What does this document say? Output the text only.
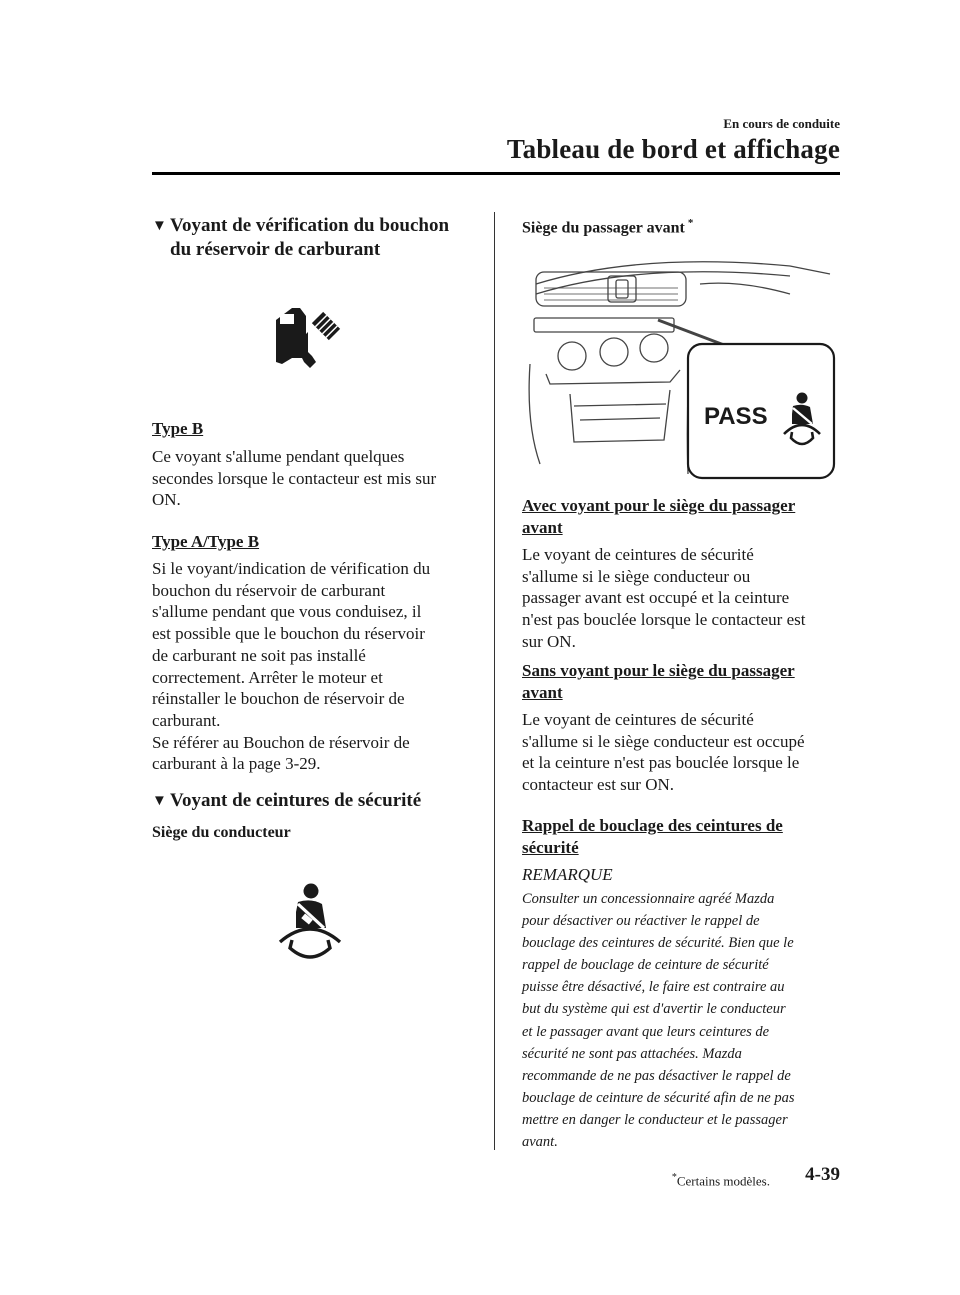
En cours de conduite
Tableau de bord et affichage
▼ Voyant de vérification du bouchon
du réservoir de carburant
Type B
Ce voyant s'allume pendant quelques
secondes lorsque le contacteur est mis sur
ON.
Type A/Type B
Si le voyant/indication de vérification du
bouchon du réservoir de carburant
s'allume pendant que vous conduisez, il
est possible que le bouchon du réservoir
de carburant ne soit pas installé
correctement. Arrêter le moteur et
réinstaller le bouchon de réservoir de
carburant.
Se référer au Bouchon de réservoir de
carburant à la page 3-29.
▼ Voyant de ceintures de sécurité
Siège du conducteur
Siège du passager avant *
PASS
Avec voyant pour le siège du passager
avant
Le voyant de ceintures de sécurité
s'allume si le siège conducteur ou
passager avant est occupé et la ceinture
n'est pas bouclée lorsque le contacteur est
sur ON.
Sans voyant pour le siège du passager
avant
Le voyant de ceintures de sécurité
s'allume si le siège conducteur est occupé
et la ceinture n'est pas bouclée lorsque le
contacteur est sur ON.
Rappel de bouclage des ceintures de
sécurité
REMARQUE
Consulter un concessionnaire agréé Mazda
pour désactiver ou réactiver le rappel de
bouclage des ceintures de sécurité. Bien que le
rappel de bouclage de ceinture de sécurité
puisse être désactivé, le faire est contraire au
but du système qui est d'avertir le conducteur
et le passager avant que leurs ceintures de
sécurité ne sont pas attachées. Mazda
recommande de ne pas désactiver le rappel de
bouclage de ceinture de sécurité afin de ne pas
mettre en danger le conducteur et le passager
avant.
*Certains modèles. 4-39
